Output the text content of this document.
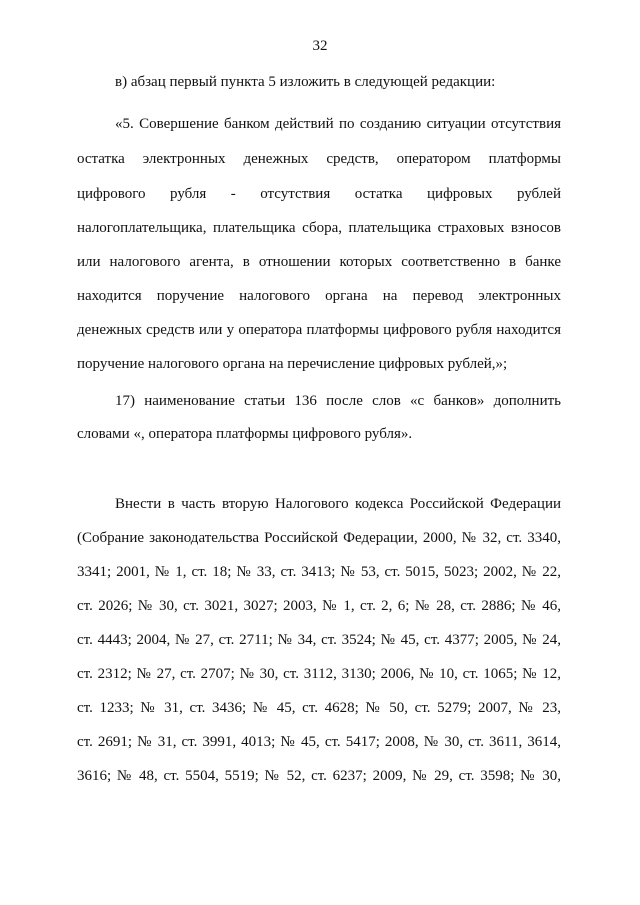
32
в) абзац первый пункта 5 изложить в следующей редакции:
«5. Совершение банком действий по созданию ситуации отсутствия
остатка электронных денежных средств, оператором платформы
цифрового рубля - отсутствия остатка цифровых рублей
налогоплательщика, плательщика сбора, плательщика страховых взносов
или налогового агента, в отношении которых соответственно в банке
находится поручение налогового органа на перевод электронных
денежных средств или у оператора платформы цифрового рубля находится
поручение налогового органа на перечисление цифровых рублей,»;
17) наименование статьи 136 после слов «с банков» дополнить
словами «, оператора платформы цифрового рубля».
Внести в часть вторую Налогового кодекса Российской Федерации
(Собрание законодательства Российской Федерации, 2000, № 32, ст. 3340,
3341; 2001, № 1, ст. 18; № 33, ст. 3413; № 53, ст. 5015, 5023; 2002, № 22,
ст. 2026; № 30, ст. 3021, 3027; 2003, № 1, ст. 2, 6; № 28, ст. 2886; № 46,
ст. 4443; 2004, № 27, ст. 2711; № 34, ст. 3524; № 45, ст. 4377; 2005, № 24,
ст. 2312; № 27, ст. 2707; № 30, ст. 3112, 3130; 2006, № 10, ст. 1065; № 12,
ст. 1233; № 31, ст. 3436; № 45, ст. 4628; № 50, ст. 5279; 2007, № 23,
ст. 2691; № 31, ст. 3991, 4013; № 45, ст. 5417; 2008, № 30, ст. 3611, 3614,
3616; № 48, ст. 5504, 5519; № 52, ст. 6237; 2009, № 29, ст. 3598; № 30,
